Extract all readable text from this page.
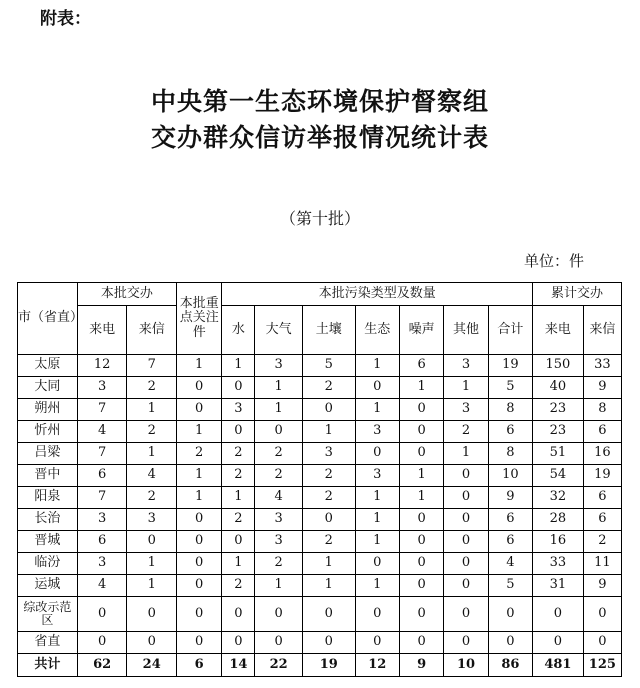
附表：
中央第一生态环境保护督察组
交办群众信访举报情况统计表
（第十批）
单位：件
市（省直）	本批交办		本批重点关注件	本批污染类型及数量							累计交办	
	来电	来信		水	大气	土壤	生态	噪声	其他	合计	来电	来信
太原	12	7	1	1	3	5	1	6	3	19	150	33
大同	3	2	0	0	1	2	0	1	1	5	40	9
朔州	7	1	0	3	1	0	1	0	3	8	23	8
忻州	4	2	1	0	0	1	3	0	2	6	23	6
吕梁	7	1	2	2	2	3	0	0	1	8	51	16
晋中	6	4	1	2	2	2	3	1	0	10	54	19
阳泉	7	2	1	1	4	2	1	1	0	9	32	6
长治	3	3	0	2	3	0	1	0	0	6	28	6
晋城	6	0	0	0	3	2	1	0	0	6	16	2
临汾	3	1	0	1	2	1	0	0	0	4	33	11
运城	4	1	0	2	1	1	1	0	0	5	31	9
综改示范区	0	0	0	0	0	0	0	0	0	0	0	0
省直	0	0	0	0	0	0	0	0	0	0	0	0
共计	62	24	6	14	22	19	12	9	10	86	481	125
